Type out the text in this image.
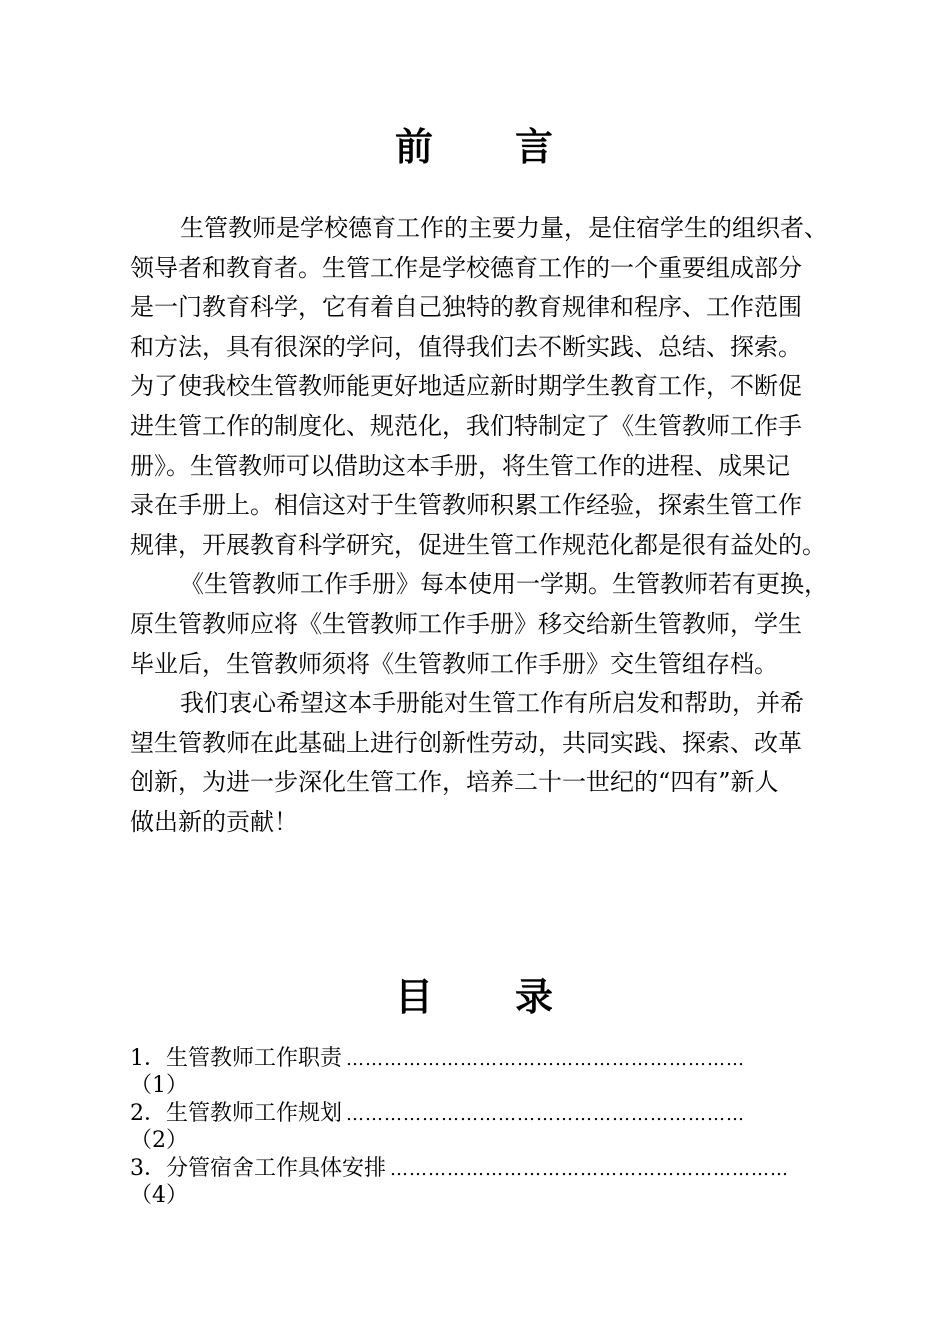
前 言
生管教师是学校德育工作的主要力量，是住宿学生的组织者、
领导者和教育者。生管工作是学校德育工作的一个重要组成部分
是一门教育科学，它有着自己独特的教育规律和程序、工作范围
和方法，具有很深的学问，值得我们去不断实践、总结、探索。
为了使我校生管教师能更好地适应新时期学生教育工作，不断促
进生管工作的制度化、规范化，我们特制定了《生管教师工作手
册》。生管教师可以借助这本手册，将生管工作的进程、成果记
录在手册上。相信这对于生管教师积累工作经验，探索生管工作
规律，开展教育科学研究，促进生管工作规范化都是很有益处的。
《生管教师工作手册》每本使用一学期。生管教师若有更换，
原生管教师应将《生管教师工作手册》移交给新生管教师，学生
毕业后，生管教师须将《生管教师工作手册》交生管组存档。
我们衷心希望这本手册能对生管工作有所启发和帮助，并希
望生管教师在此基础上进行创新性劳动，共同实践、探索、改革
创新，为进一步深化生管工作，培养二十一世纪的“四有”新人
做出新的贡献！
目 录
1．生管教师工作职责 ………………………………………………………
（1）
2．生管教师工作规划 ………………………………………………………
（2）
3．分管宿舍工作具体安排 ………………………………………………………
（4）
